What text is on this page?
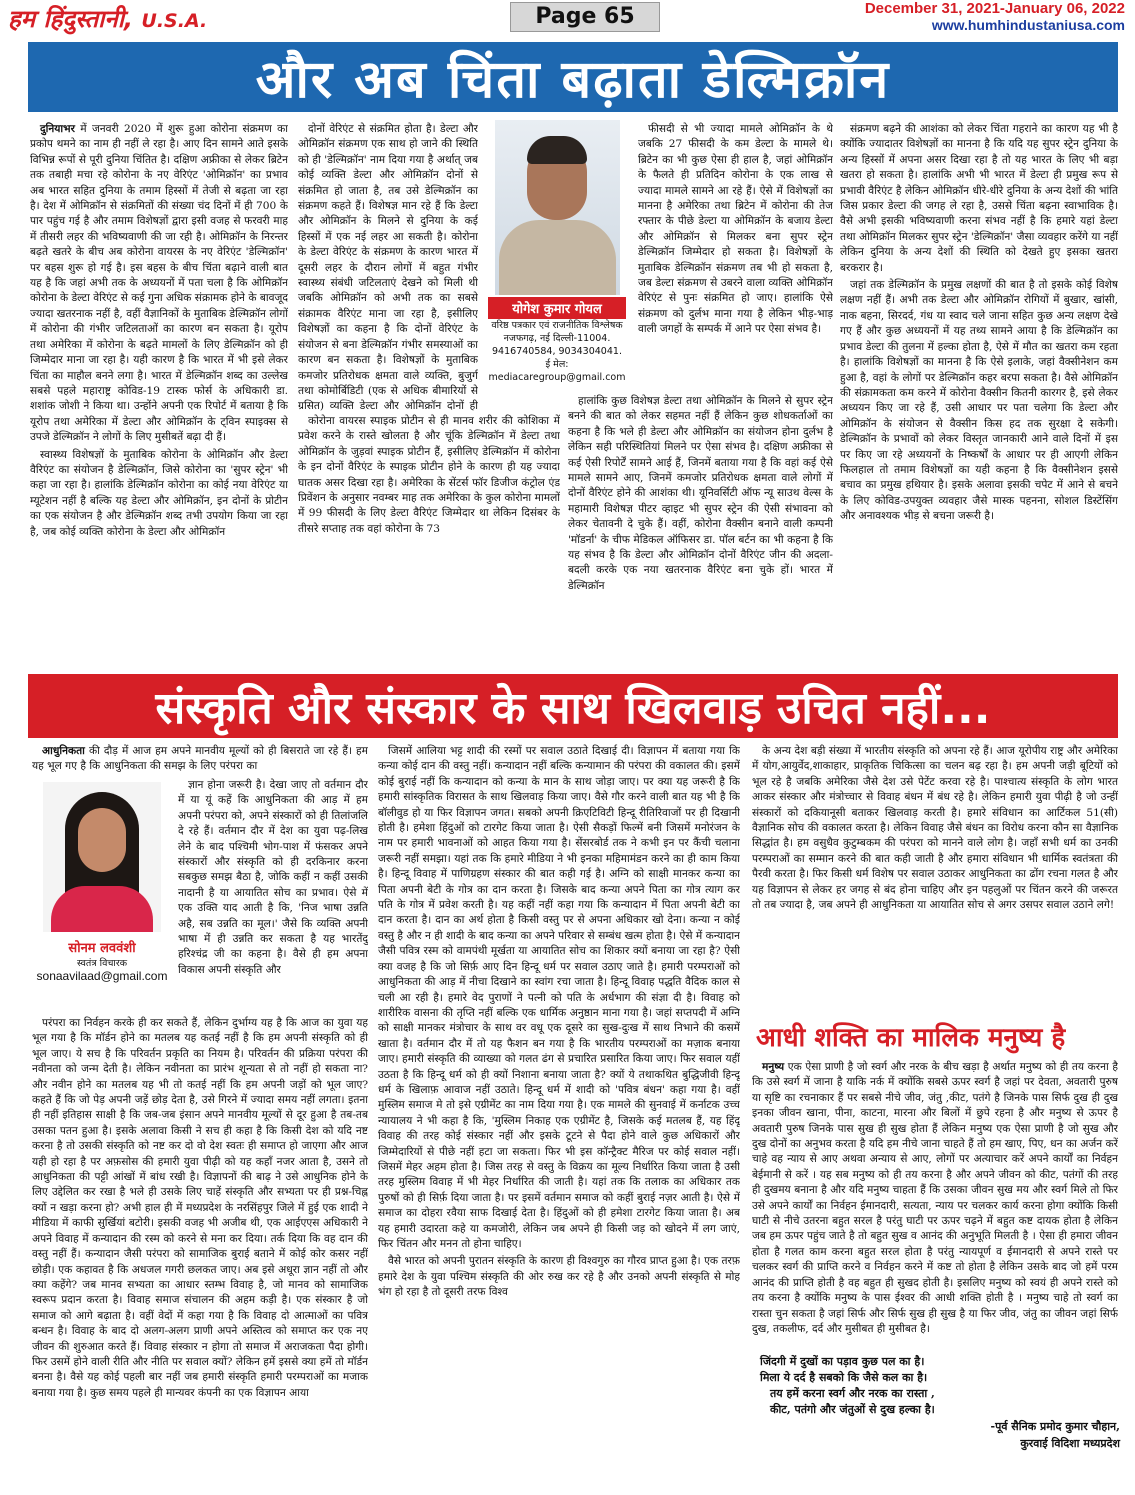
हम हिंदुस्तानी, U.S.A.	Page 65	December 31, 2021-January 06, 2022
www.humhindustaniusa.com
और अब चिंता बढ़ाता डेल्मिक्रॉन

दुनियाभर में जनवरी 2020 में शुरू हुआ कोरोना संक्रमण का प्रकोप थमने का नाम ही नहीं ले रहा है। आए दिन सामने आते इसके विभिन्न रूपों से पूरी दुनिया चिंतित है। दक्षिण अफ्रीका से लेकर ब्रिटेन तक तबाही मचा रहे कोरोना के नए वेरिएंट 'ओमिक्रॉन' का प्रभाव अब भारत सहित दुनिया के तमाम हिस्सों में तेजी से बढ़ता जा रहा है। देश में ओमिक्रॉन से संक्रमितों की संख्या चंद दिनों में ही 700 के पार पहुंच गई है और तमाम विशेषज्ञों द्वारा इसी वजह से फरवरी माह में तीसरी लहर की भविष्यवाणी की जा रही है। ओमिक्रॉन के निरन्तर बढ़ते खतरे के बीच अब कोरोना वायरस के नए वेरिएंट 'डेल्मिक्रॉन' पर बहस शुरू हो गई है। इस बहस के बीच चिंता बढ़ाने वाली बात यह है कि जहां अभी तक के अध्ययनों में पता चला है कि ओमिक्रॉन कोरोना के डेल्टा वेरिएंट से कई गुना अधिक संक्रामक होने के बावजूद ज्यादा खतरनाक नहीं है, वहीं वैज्ञानिकों के मुताबिक डेल्मिक्रॉन लोगों में कोरोना की गंभीर जटिलताओं का कारण बन सकता है। यूरोप तथा अमेरिका में कोरोना के बढ़ते मामलों के लिए डेल्मिक्रॉन को ही जिम्मेदार माना जा रहा है। यही कारण है कि भारत में भी इसे लेकर चिंता का माहौल बनने लगा है। भारत में डेल्मिक्रॉन शब्द का उल्लेख सबसे पहले महाराष्ट्र कोविड-19 टास्क फोर्स के अधिकारी डा. शशांक जोशी ने किया था। उन्होंने अपनी एक रिपोर्ट में बताया है कि यूरोप तथा अमेरिका में डेल्टा और ओमिक्रॉन के ट्विन स्पाइक्स से उपजे डेल्मिक्रॉन ने लोगों के लिए मुसीबतें बढ़ा दी हैं।

स्वास्थ्य विशेषज्ञों के मुताबिक कोरोना के ओमिक्रॉन और डेल्टा वैरिएंट का संयोजन है डेल्मिक्रॉन, जिसे कोरोना का 'सुपर स्ट्रेन' भी कहा जा रहा है। हालांकि डेल्मिक्रॉन कोरोना का कोई नया वेरिएंट या म्यूटेशन नहीं है बल्कि यह डेल्टा और ओमिक्रॉन, इन दोनों के प्रोटीन का एक संयोजन है और डेल्मिक्रॉन शब्द तभी उपयोग किया जा रहा है, जब कोई व्यक्ति कोरोना के डेल्टा और ओमिक्रॉन

दोनों वेरिएंट से संक्रमित होता है। डेल्टा और ओमिक्रॉन संक्रमण एक साथ हो जाने की स्थिति को ही 'डेल्मिक्रॉन' नाम दिया गया है अर्थात् जब कोई व्यक्ति डेल्टा और ओमिक्रॉन दोनों से संक्रमित हो जाता है, तब उसे डेल्मिक्रॉन का संक्रमण कहते हैं। विशेषज्ञ मान रहे हैं कि डेल्टा और ओमिक्रॉन के मिलने से दुनिया के कई हिस्सों में एक नई लहर आ सकती है। कोरोना के डेल्टा वेरिएंट के संक्रमण के कारण भारत में दूसरी लहर के दौरान लोगों में बहुत गंभीर स्वास्थ्य संबंधी जटिलताएं देखने को मिली थी जबकि ओमिक्रॉन को अभी तक का सबसे संक्रामक वैरिएंट माना जा रहा है, इसीलिए विशेषज्ञों का कहना है कि दोनों वेरिएंट के संयोजन से बना डेल्मिक्रॉन गंभीर समस्याओं का कारण बन सकता है। विशेषज्ञों के मुताबिक कमजोर प्रतिरोधक क्षमता वाले व्यक्ति, बुजुर्ग तथा कोमोर्बिडिटी (एक से अधिक बीमारियों से ग्रसित) व्यक्ति डेल्टा और ओमिक्रॉन दोनों ही

कोरोना वायरस स्पाइक प्रोटीन से ही मानव शरीर की कोशिका में प्रवेश करने के रास्ते खोलता है और चूंकि डेल्मिक्रॉन में डेल्टा तथा ओमिक्रॉन के जुड़वां स्पाइक प्रोटीन हैं, इसीलिए डेल्मिक्रॉन में कोरोना के इन दोनों वैरिएंट के स्पाइक प्रोटीन होने के कारण ही यह ज्यादा घातक असर दिखा रहा है। अमेरिका के सेंटर्स फॉर डिजीज कंट्रोल एंड प्रिवेंशन के अनुसार नवम्बर माह तक अमेरिका के कुल कोरोना मामलों में 99 फीसदी के लिए डेल्टा वैरिएंट जिम्मेदार था लेकिन दिसंबर के तीसरे सप्ताह तक वहां कोरोना के 73

योगेश कुमार गोयल
वरिष्ठ पत्रकार एवं राजनीतिक विश्लेषक
नजफगढ़, नई दिल्ली-11004.
9416740584, 9034304041.
ई मेल: mediacaregroup@gmail.com

फीसदी से भी ज्यादा मामले ओमिक्रॉन के थे जबकि 27 फीसदी के कम डेल्टा के मामले थे। ब्रिटेन का भी कुछ ऐसा ही हाल है, जहां ओमिक्रॉन के फैलते ही प्रतिदिन कोरोना के एक लाख से ज्यादा मामले सामने आ रहे हैं। ऐसे में विशेषज्ञों का मानना है अमेरिका तथा ब्रिटेन में कोरोना की तेज रफ्तार के पीछे डेल्टा या ओमिक्रॉन के बजाय डेल्टा और ओमिक्रॉन से मिलकर बना सुपर स्ट्रेन डेल्मिक्रॉन जिम्मेदार हो सकता है। विशेषज्ञों के मुताबिक डेल्मिक्रॉन संक्रमण तब भी हो सकता है, जब डेल्टा संक्रमण से उबरने वाला व्यक्ति ओमिक्रॉन वेरिएंट से पुनः संक्रमित हो जाए। हालांकि ऐसे संक्रमण को दुर्लभ माना गया है लेकिन भीड़-भाड़ वाली जगहों के सम्पर्क में आने पर ऐसा संभव है।

हालांकि कुछ विशेषज्ञ डेल्टा तथा ओमिक्रॉन के मिलने से सुपर स्ट्रेन बनने की बात को लेकर सहमत नहीं हैं लेकिन कुछ शोधकर्ताओं का कहना है कि भले ही डेल्टा और ओमिक्रॉन का संयोजन होना दुर्लभ है लेकिन सही परिस्थितियां मिलने पर ऐसा संभव है। दक्षिण अफ्रीका से कई ऐसी रिपोर्टें सामने आई हैं, जिनमें बताया गया है कि वहां कई ऐसे मामले सामने आए, जिनमें कमजोर प्रतिरोधक क्षमता वाले लोगों में दोनों वैरिएंट होने की आशंका थी। यूनिवर्सिटी ऑफ न्यू साउथ वेल्स के महामारी विशेषज्ञ पीटर व्हाइट भी सुपर स्ट्रेन की ऐसी संभावना को लेकर चेतावनी दे चुके हैं। वहीं, कोरोना वैक्सीन बनाने वाली कम्पनी 'मॉडर्ना' के चीफ मेडिकल ऑफिसर डा. पॉल बर्टन का भी कहना है कि यह संभव है कि डेल्टा और ओमिक्रॉन दोनों वैरिएंट जीन की अदला-बदली करके एक नया खतरनाक वैरिएंट बना चुके हों। भारत में डेल्मिक्रॉन

संक्रमण बढ़ने की आशंका को लेकर चिंता गहराने का कारण यह भी है क्योंकि ज्यादातर विशेषज्ञों का मानना है कि यदि यह सुपर स्ट्रेन दुनिया के अन्य हिस्सों में अपना असर दिखा रहा है तो यह भारत के लिए भी बड़ा खतरा हो सकता है। हालांकि अभी भी भारत में डेल्टा ही प्रमुख रूप से प्रभावी वैरिएंट है लेकिन ओमिक्रॉन धीरे-धीरे दुनिया के अन्य देशों की भांति जिस प्रकार डेल्टा की जगह ले रहा है, उससे चिंता बढ़ना स्वाभाविक है। वैसे अभी इसकी भविष्यवाणी करना संभव नहीं है कि हमारे यहां डेल्टा तथा ओमिक्रॉन मिलकर सुपर स्ट्रेन 'डेल्मिक्रॉन' जैसा व्यवहार करेंगे या नहीं लेकिन दुनिया के अन्य देशों की स्थिति को देखते हुए इसका खतरा बरकरार है।

जहां तक डेल्मिक्रॉन के प्रमुख लक्षणों की बात है तो इसके कोई विशेष लक्षण नहीं हैं। अभी तक डेल्टा और ओमिक्रॉन रोगियों में बुखार, खांसी, नाक बहना, सिरदर्द, गंध या स्वाद चले जाना सहित कुछ अन्य लक्षण देखे गए हैं और कुछ अध्ययनों में यह तथ्य सामने आया है कि डेल्मिक्रॉन का प्रभाव डेल्टा की तुलना में हल्का होता है, ऐसे में मौत का खतरा कम रहता है। हालांकि विशेषज्ञों का मानना है कि ऐसे इलाके, जहां वैक्सीनेशन कम हुआ है, वहां के लोगों पर डेल्मिक्रॉन कहर बरपा सकता है। वैसे ओमिक्रॉन की संक्रामकता कम करने में कोरोना वैक्सीन कितनी कारगर है, इसे लेकर अध्ययन किए जा रहे हैं, उसी आधार पर पता चलेगा कि डेल्टा और ओमिक्रॉन के संयोजन से वैक्सीन किस हद तक सुरक्षा दे सकेगी। डेल्मिक्रॉन के प्रभावों को लेकर विस्तृत जानकारी आने वाले दिनों में इस पर किए जा रहे अध्ययनों के निष्कर्षों के आधार पर ही आएगी लेकिन फिलहाल तो तमाम विशेषज्ञों का यही कहना है कि वैक्सीनेशन इससे बचाव का प्रमुख हथियार है। इसके अलावा इसकी चपेट में आने से बचने के लिए कोविड-उपयुक्त व्यवहार जैसे मास्क पहनना, सोशल डिस्टेंसिंग और अनावश्यक भीड़ से बचना जरूरी है।

संस्कृति और संस्कार के साथ खिलवाड़ उचित नहीं...

आधुनिकता की दौड़ में आज हम अपने मानवीय मूल्यों को ही बिसराते जा रहे हैं। हम यह भूल गए है कि आधुनिकता की समझ के लिए परंपरा का

सोनम लववंशी
स्वतंत्र विचारक
sonaavilaad@gmail.com

ज्ञान होना जरूरी है। देखा जाए तो वर्तमान दौर में या यूं कहें कि आधुनिकता की आड़ में हम अपनी परंपरा को, अपने संस्कारों को ही तिलांजलि दे रहे हैं। वर्तमान दौर में देश का युवा पढ़-लिख लेने के बाद पश्चिमी भोग-पाश में फंसकर अपने संस्कारों और संस्कृति को ही दरकिनार करना सबकुछ समझ बैठा है, जोकि कहीं न कहीं उसकी नादानी है या आयातित सोच का प्रभाव। ऐसे में एक उक्ति याद आती है कि, 'निज भाषा उन्नति अहै, सब उन्नति का मूल।' जैसे कि व्यक्ति अपनी भाषा में ही उन्नति कर सकता है यह भारतेंदु हरिश्चंद्र जी का कहना है। वैसे ही हम अपना विकास अपनी संस्कृति और

परंपरा का निर्वहन करके ही कर सकते हैं, लेकिन दुर्भाग्य यह है कि आज का युवा यह भूल गया है कि मॉर्डन होने का मतलब यह कतई नहीं है कि हम अपनी संस्कृति को ही भूल जाए। ये सच है कि परिवर्तन प्रकृति का नियम है। परिवर्तन की प्रक्रिया परंपरा की नवीनता को जन्म देती है। लेकिन नवीनता का प्रारंभ शून्यता से तो नहीं हो सकता ना? और नवीन होने का मतलब यह भी तो कतई नहीं कि हम अपनी जड़ों को भूल जाए? कहते हैं कि जो पेड़ अपनी जड़ें छोड़ देता है, उसे गिरने में ज्यादा समय नहीं लगता। इतना ही नहीं इतिहास साक्षी है कि जब-जब इंसान अपने मानवीय मूल्यों से दूर हुआ है तब-तब उसका पतन हुआ है। इसके अलावा किसी ने सच ही कहा है कि किसी देश को यदि नष्ट करना है तो उसकी संस्कृति को नष्ट कर दो वो देश स्वतः ही समाप्त हो जाएगा और आज यही हो रहा है पर अफ़सोस की हमारी युवा पीढ़ी को यह कहाँ नजर आता है, उसने तो आधुनिकता की पट्टी आंखों में बांध रखी है। विज्ञापनों की बाढ़ ने उसे आधुनिक होने के लिए उद्देलित कर रखा है भले ही उसके लिए चाहें संस्कृति और सभ्यता पर ही प्रश्न-चिह्न क्यों न खड़ा करना हो? अभी हाल ही में मध्यप्रदेश के नरसिंहपुर जिले में हुई एक शादी ने मीडिया में काफी सुर्खियां बटोरी। इसकी वजह भी अजीब थी, एक आईएएस अधिकारी ने अपने विवाह में कन्यादान की रस्म को करने से मना कर दिया। तर्क दिया कि वह दान की वस्तु नहीं हैं। कन्यादान जैसी परंपरा को सामाजिक बुराई बताने में कोई कोर कसर नहीं छोड़ी। एक कहावत है कि अधजल गगरी छलकत जाए। अब इसे अधूरा ज्ञान नहीं तो और क्या कहेंगे? जब मानव सभ्यता का आधार स्तम्भ विवाह है, जो मानव को सामाजिक स्वरूप प्रदान करता है। विवाह समाज संचालन की अहम कड़ी है। एक संस्कार है जो समाज को आगे बढ़ाता है। वहीं वेदों में कहा गया है कि विवाह दो आत्माओं का पवित्र बन्धन है। विवाह के बाद दो अलग-अलग प्राणी अपने अस्तित्व को समाप्त कर एक नए जीवन की शुरुआत करते हैं। विवाह संस्कार न होगा तो समाज में अराजकता पैदा होगी। फिर उसमें होने वाली रीति और नीति पर सवाल क्यों? लेकिन हमें इससे क्या हमें तो मॉर्डन बनना है। वैसे यह कोई पहली बार नहीं जब हमारी संस्कृति हमारी परम्पराओं का मजाक बनाया गया है। कुछ समय पहले ही मान्यवर कंपनी का एक विज्ञापन आया

जिसमें आलिया भट्ट शादी की रस्मों पर सवाल उठाते दिखाई दी। विज्ञापन में बताया गया कि कन्या कोई दान की वस्तु नहीं। कन्यादान नहीं बल्कि कन्यामान की परंपरा की वकालत की। इसमें कोई बुराई नहीं कि कन्यादान को कन्या के मान के साथ जोड़ा जाए। पर क्या यह जरूरी है कि हमारी सांस्कृतिक विरासत के साथ खिलवाड़ किया जाए। वैसे गौर करने वाली बात यह भी है कि बॉलीवुड हो या फिर विज्ञापन जगत। सबको अपनी क्रिएटिविटी हिन्दू रीतिरिवाजों पर ही दिखानी होती है। हमेशा हिंदुओं को टारगेट किया जाता है। ऐसी सैकड़ों फिल्में बनी जिसमें मनोरंजन के नाम पर हमारी भावनाओं को आहत किया गया है। सेंसरबोर्ड तक ने कभी इन पर कैंची चलाना जरूरी नहीं समझा। यहां तक कि हमारे मीडिया ने भी इनका महिमामंडन करने का ही काम किया है। हिन्दू विवाह में पाणिग्रहण संस्कार की बात कही गई है। अग्नि को साक्षी मानकर कन्या का पिता अपनी बेटी के गोत्र का दान करता है। जिसके बाद कन्या अपने पिता का गोत्र त्याग कर पति के गोत्र में प्रवेश करती है। यह कहीं नहीं कहा गया कि कन्यादान में पिता अपनी बेटी का दान करता है। दान का अर्थ होता है किसी वस्तु पर से अपना अधिकार खो देना। कन्या न कोई वस्तु है और न ही शादी के बाद कन्या का अपने परिवार से सम्बंध खत्म होता है। ऐसे में कन्यादान जैसी पवित्र रस्म को वामपंथी मूर्खता या आयातित सोच का शिकार क्यों बनाया जा रहा है? ऐसी क्या वजह है कि जो सिर्फ़ आए दिन हिन्दू धर्म पर सवाल उठाए जाते है। हमारी परम्पराओं को आधुनिकता की आड़ में नीचा दिखाने का स्वांग रचा जाता है। हिन्दू विवाह पद्धति वैदिक काल से चली आ रही है। हमारे वेद पुराणों ने पत्नी को पति के अर्धभाग की संज्ञा दी है। विवाह को शारीरिक वासना की तृप्ति नहीं बल्कि एक धार्मिक अनुष्ठान माना गया है। जहां सप्तपदी में अग्नि को साक्षी मानकर मंत्रोचार के साथ वर वधू एक दूसरे का सुख-दुःख में साथ निभाने की कसमें खाता है। वर्तमान दौर में तो यह फैशन बन गया है कि भारतीय परम्पराओं का मज़ाक बनाया जाए। हमारी संस्कृति की व्याख्या को गलत ढंग से प्रचारित प्रसारित किया जाए। फिर सवाल यहीं उठता है कि हिन्दू धर्म को ही क्यों निशाना बनाया जाता है? क्यों ये तथाकथित बुद्धिजीवी हिन्दू धर्म के खिलाफ़ आवाज नहीं उठाते। हिन्दू धर्म में शादी को 'पवित्र बंधन' कहा गया है। वहीं मुस्लिम समाज मे तो इसे एग्रीमेंट का नाम दिया गया है। एक मामले की सुनवाई में कर्नाटक उच्च न्यायालय ने भी कहा है कि, 'मुस्लिम निकाह एक एग्रीमेंट है, जिसके कई मतलब हैं, यह हिंदू विवाह की तरह कोई संस्कार नहीं और इसके टूटने से पैदा होने वाले कुछ अधिकारों और जिम्मेदारियों से पीछे नहीं हटा जा सकता। फिर भी इस कॉन्ट्रैक्ट मैरिज पर कोई सवाल नहीं। जिसमें मेहर अहम होता है। जिस तरह से वस्तु के विक्रय का मूल्य निर्धारित किया जाता है उसी तरह मुस्लिम विवाह में भी मेहर निर्धारित की जाती है। यहां तक कि तलाक का अधिकार तक पुरुषों को ही सिर्फ़ दिया जाता है। पर इसमें वर्तमान समाज को कहीं बुराई नज़र आती है। ऐसे में समाज का दोहरा रवैया साफ दिखाई देता है। हिंदुओं को ही हमेशा टारगेट किया जाता है। अब यह हमारी उदारता कहे या कमजोरी, लेकिन जब अपने ही किसी जड़ को खोदने में लग जाएं, फिर चिंतन और मनन तो होना चाहिए।

वैसे भारत को अपनी पुरातन संस्कृति के कारण ही विश्वगुरु का गौरव प्राप्त हुआ है। एक तरफ़ हमारे देश के युवा पश्चिम संस्कृति की ओर रुख कर रहे है और उनको अपनी संस्कृति से मोह भंग हो रहा है तो दूसरी तरफ विश्व

के अन्य देश बड़ी संख्या में भारतीय संस्कृति को अपना रहे हैं। आज यूरोपीय राष्ट्र और अमेरिका में योग,आयुर्वेद,शाकाहार, प्राकृतिक चिकित्सा का चलन बढ़ रहा है। हम अपनी जड़ी बूटियों को भूल रहे है जबकि अमेरिका जैसे देश उसे पेटेंट करवा रहे है। पाश्चात्य संस्कृति के लोग भारत आकर संस्कार और मंत्रोच्चार से विवाह बंधन में बंध रहे है। लेकिन हमारी युवा पीढ़ी है जो उन्हीं संस्कारों को दकियानूसी बताकर खिलवाड़ करती है। हमारे संविधान का आर्टिकल 51(सी) वैज्ञानिक सोच की वकालत करता है। लेकिन विवाह जैसे बंधन का विरोध करना कौन सा वैज्ञानिक सिद्धांत है। हम वसुधैव कुटुम्बकम की परंपरा को मानने वाले लोग है। जहाँ सभी धर्म का उनकी परम्पराओं का सम्मान करने की बात कही जाती है और हमारा संविधान भी धार्मिक स्वतंत्रता की पैरवी करता है। फिर किसी धर्म विशेष पर सवाल उठाकर आधुनिकता का ढोंग रचना गलत है और यह विज्ञापन से लेकर हर जगह से बंद होना चाहिए और इन पहलुओं पर चिंतन करने की जरूरत तो तब ज्यादा है, जब अपने ही आधुनिकता या आयातित सोच से अगर उसपर सवाल उठाने लगे!

आधी शक्ति का मालिक मनुष्य है

मनुष्य एक ऐसा प्राणी है जो स्वर्ग और नरक के बीच खड़ा है अर्थात मनुष्य को ही तय करना है कि उसे स्वर्ग में जाना है याकि नर्क में क्योंकि सबसे ऊपर स्वर्ग है जहां पर देवता, अवतारी पुरुष या सृष्टि का रचनाकार हैं पर सबसे नीचे जीव, जंतु ,कीट, पतंगे है जिनके पास सिर्फ दुख ही दुख इनका जीवन खाना, पीना, काटना, मारना और बिलों में छुपे रहना है और मनुष्य से ऊपर है अवतारी पुरुष जिनके पास सुख ही सुख होता हैं लेकिन मनुष्य एक ऐसा प्राणी है जो सुख और दुख दोनों का अनुभव करता है यदि हम नीचे जाना चाहते हैं तो हम खाए, पिए, धन का अर्जन करें चाहे वह न्याय से आए अथवा अन्याय से आए, लोगों पर अत्याचार करें अपने कार्यों का निर्वहन बेईमानी से करें । यह सब मनुष्य को ही तय करना है और अपने जीवन को कीट, पतंगों की तरह ही दुखमय बनाना है और यदि मनुष्य चाहता हैं कि उसका जीवन सुख मय और स्वर्ग मिले तो फिर उसे अपने कार्यों का निर्वहन ईमानदारी, सत्यता, न्याय पर चलकर कार्य करना होगा क्योंकि किसी घाटी से नीचे उतरना बहुत सरल है परंतु घाटी पर ऊपर चढ़ने में बहुत कष्ट दायक होता है लेकिन जब हम ऊपर पहुंच जाते है तो बहुत सुख व आनंद की अनुभूति मिलती है । ऐसा ही हमारा जीवन होता है गलत काम करना बहुत सरल होता है परंतु न्यायपूर्ण व ईमानदारी से अपने रास्ते पर चलकर स्वर्ग की प्राप्ति करने व निर्वहन करने में कष्ट तो होता है लेकिन उसके बाद जो हमें परम आनंद की प्राप्ति होती है वह बहुत ही सुखद होती है। इसलिए मनुष्य को स्वयं ही अपने रास्ते को तय करना है क्योंकि मनुष्य के पास ईश्वर की आधी शक्ति होती है । मनुष्य चाहे तो स्वर्ग का रास्ता चुन सकता है जहां सिर्फ और सिर्फ सुख ही सुख है या फिर जीव, जंतु का जीवन जहां सिर्फ दुख, तकलीफ, दर्द और मुसीबत ही मुसीबत है।

जिंदगी में दुखों का पड़ाव कुछ पल का है।
मिला ये दर्द है सबको कि जैसे कल का है।
तय हमें करना स्वर्ग और नरक का रास्ता ,
कीट, पतंगो और जंतुओं से दुख हल्का है।
-पूर्व सैनिक प्रमोद कुमार चौहान,
कुरवाई विदिशा मध्यप्रदेश
